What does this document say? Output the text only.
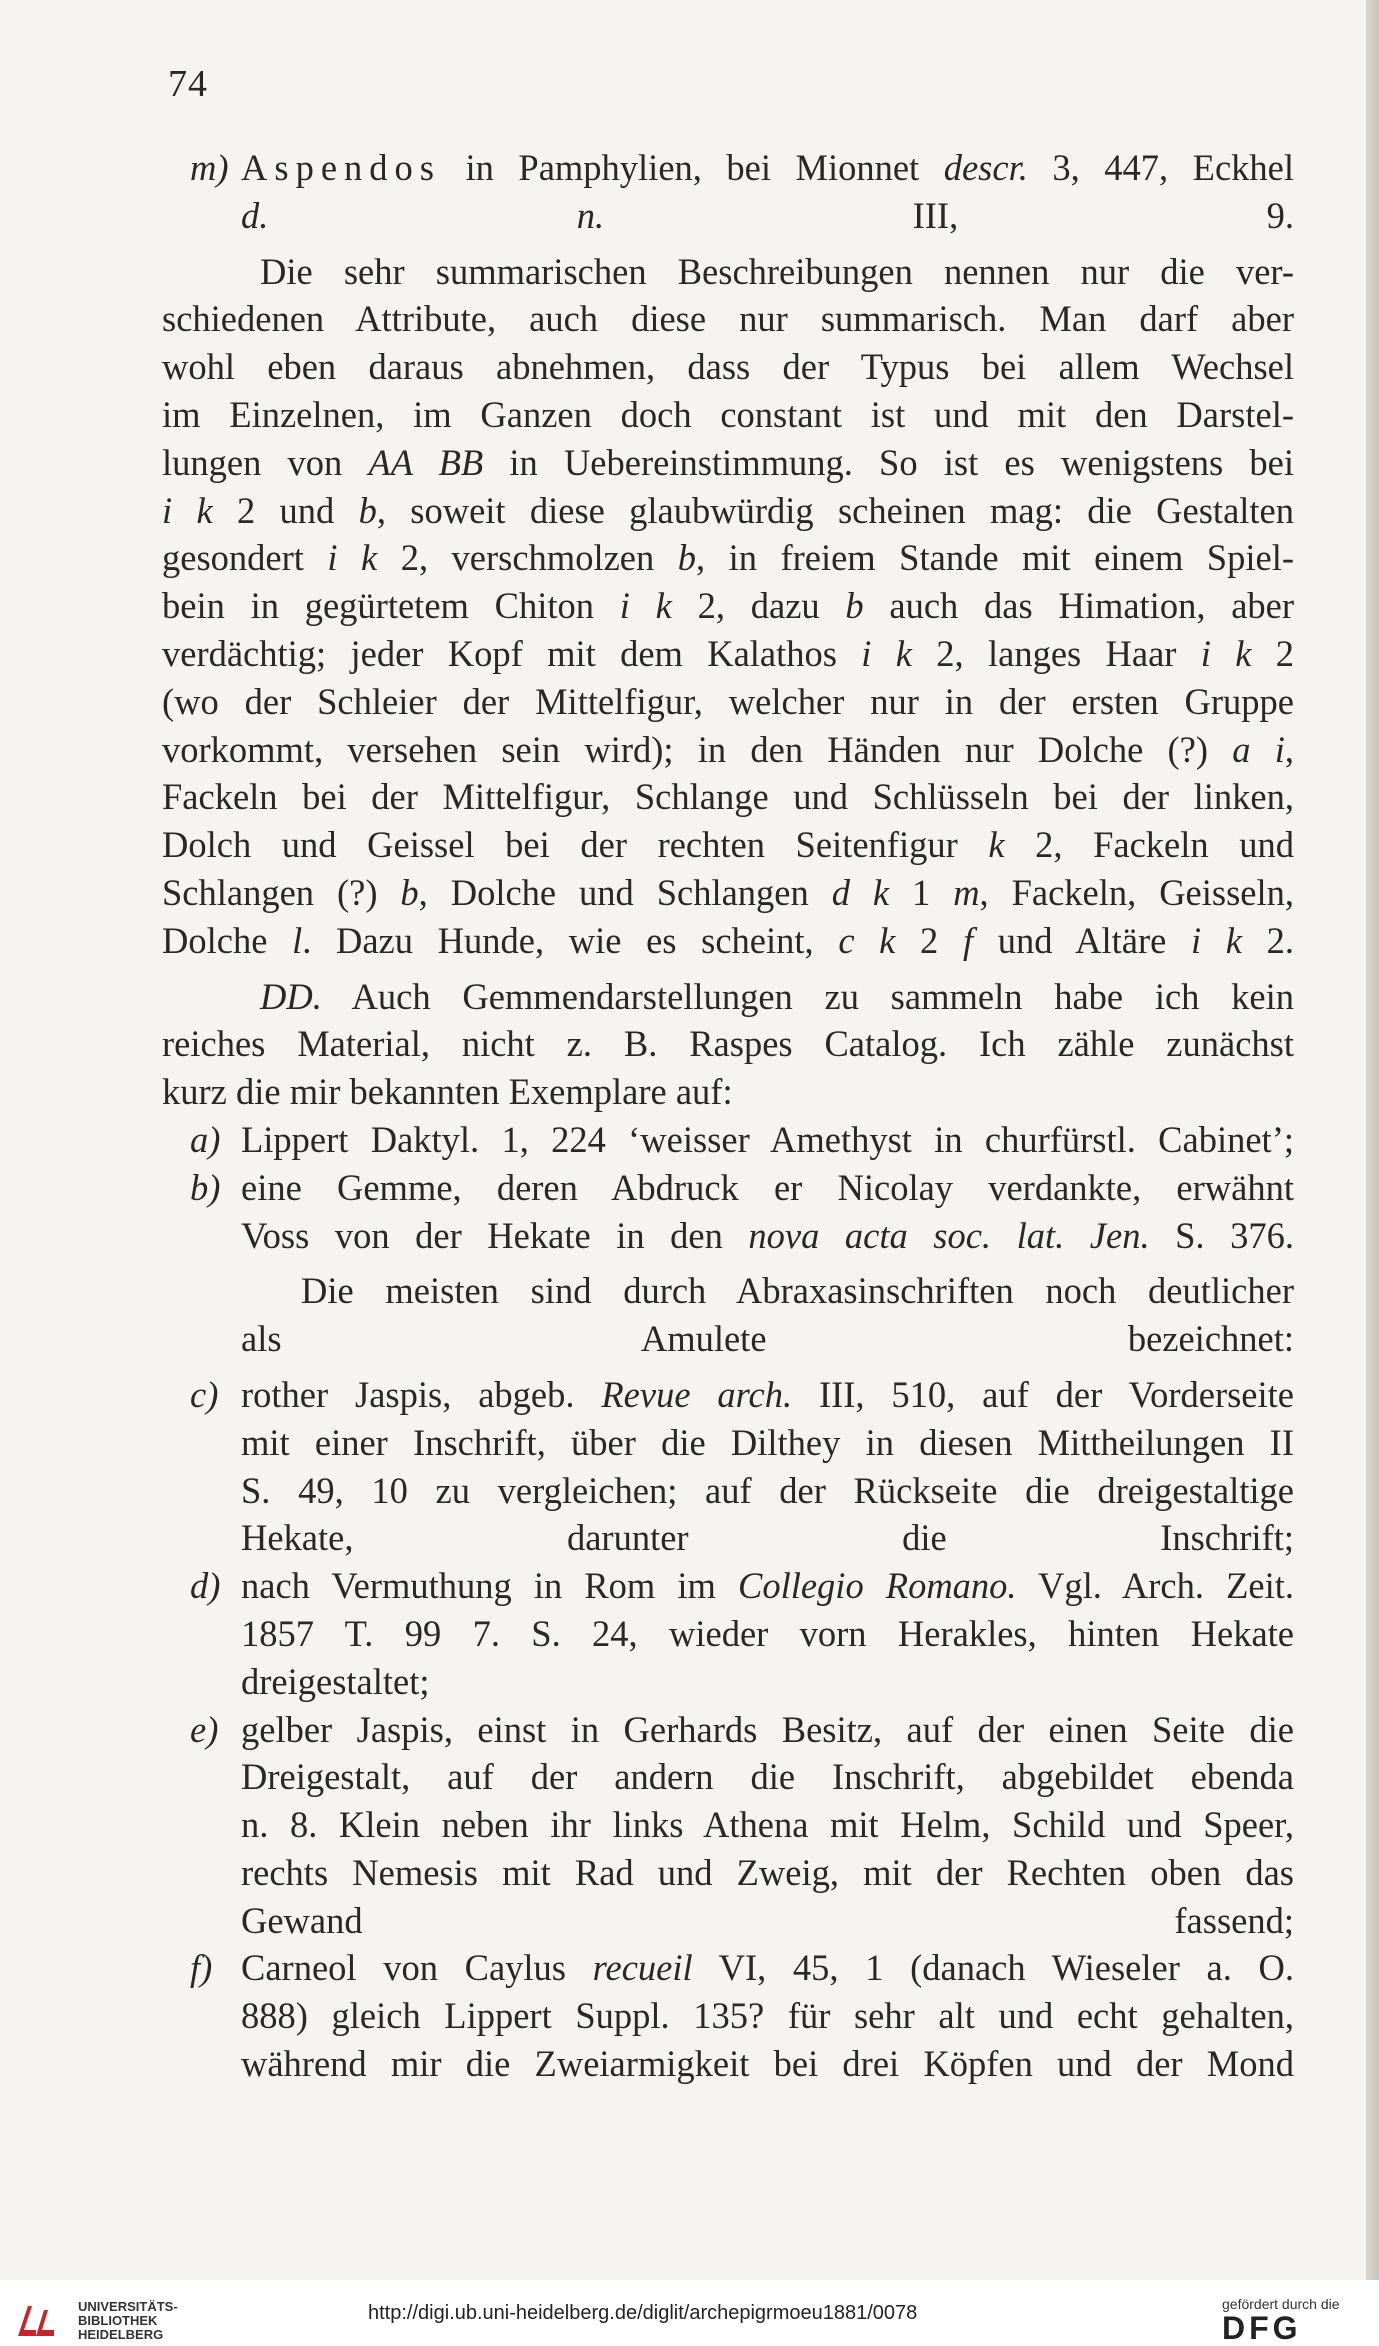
74
m) Aspendos in Pamphylien, bei Mionnet descr. 3, 447, Eckhel
d. n. III, 9.

Die sehr summarischen Beschreibungen nennen nur die ver-

schiedenen Attribute, auch diese nur summarisch. Man darf aber

wohl eben daraus abnehmen, dass der Typus bei allem Wechsel

im Einzelnen, im Ganzen doch constant ist und mit den Darstel-

lungen von AA BB in Uebereinstimmung. So ist es wenigstens bei

i k 2 und b, soweit diese glaubwürdig scheinen mag: die Gestalten

gesondert i k 2, verschmolzen b, in freiem Stande mit einem Spiel-

bein in gegürtetem Chiton i k 2, dazu b auch das Himation, aber

verdächtig; jeder Kopf mit dem Kalathos i k 2, langes Haar i k 2

(wo der Schleier der Mittelfigur, welcher nur in der ersten Gruppe

vorkommt, versehen sein wird); in den Händen nur Dolche (?) a i,

Fackeln bei der Mittelfigur, Schlange und Schlüsseln bei der linken,

Dolch und Geissel bei der rechten Seitenfigur k 2, Fackeln und

Schlangen (?) b, Dolche und Schlangen d k 1 m, Fackeln, Geisseln,

Dolche l. Dazu Hunde, wie es scheint, c k 2 f und Altäre i k 2.

DD. Auch Gemmendarstellungen zu sammeln habe ich kein

reiches Material, nicht z. B. Raspes Catalog. Ich zähle zunächst

kurz die mir bekannten Exemplare auf:

a) Lippert Daktyl. 1, 224 ‘weisser Amethyst in churfürstl. Cabinet’;
b) eine Gemme, deren Abdruck er Nicolay verdankte, erwähnt
Voss von der Hekate in den nova acta soc. lat. Jen. S. 376.

Die meisten sind durch Abraxasinschriften noch deutlicher

als Amulete bezeichnet:

c) rother Jaspis, abgeb. Revue arch. III, 510, auf der Vorderseite
mit einer Inschrift, über die Dilthey in diesen Mittheilungen II
S. 49, 10 zu vergleichen; auf der Rückseite die dreigestaltige
Hekate, darunter die Inschrift;
d) nach Vermuthung in Rom im Collegio Romano. Vgl. Arch. Zeit.
1857 T. 99 7. S. 24, wieder vorn Herakles, hinten Hekate
dreigestaltet;
e) gelber Jaspis, einst in Gerhards Besitz, auf der einen Seite die
Dreigestalt, auf der andern die Inschrift, abgebildet ebenda
n. 8. Klein neben ihr links Athena mit Helm, Schild und Speer,
rechts Nemesis mit Rad und Zweig, mit der Rechten oben das
Gewand fassend;
f) Carneol von Caylus recueil VI, 45, 1 (danach Wieseler a. O.
888) gleich Lippert Suppl. 135? für sehr alt und echt gehalten,
während mir die Zweiarmigkeit bei drei Köpfen und der Mond
UNIVERSITÄTS-
BIBLIOTHEK
HEIDELBERG
http://digi.ub.uni-heidelberg.de/diglit/archepigrmoeu1881/0078	gefördert durch die
DFG
